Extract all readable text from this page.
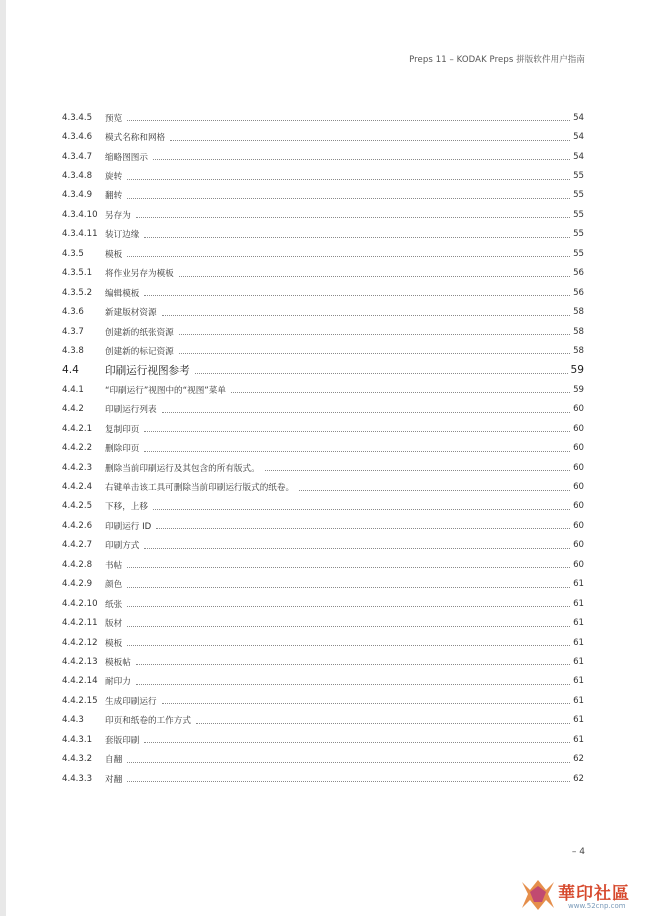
Preps 11 – KODAK Preps 拼版软件用户指南
4.3.4.5	预览	54
4.3.4.6	模式名称和网格	54
4.3.4.7	缩略图图示	54
4.3.4.8	旋转	55
4.3.4.9	翻转	55
4.3.4.10 另存为	55
4.3.4.11 装订边缘	55
4.3.5	模板	55
4.3.5.1	将作业另存为模板	56
4.3.5.2	编辑模板	56
4.3.6	新建版材资源	58
4.3.7	创建新的纸张资源	58
4.3.8	创建新的标记资源	58
4.4	印刷运行视图参考	59
4.4.1	“印刷运行”视图中的“视图”菜单	59
4.4.2	印刷运行列表	60
4.4.2.1	复制印页	60
4.4.2.2	删除印页	60
4.4.2.3	删除当前印刷运行及其包含的所有版式。	60
4.4.2.4	右键单击该工具可删除当前印刷运行版式的纸卷。	60
4.4.2.5	下移，上移	60
4.4.2.6	印刷运行 ID	60
4.4.2.7	印刷方式	60
4.4.2.8	书帖	60
4.4.2.9	颜色	61
4.4.2.10 纸张	61
4.4.2.11 版材	61
4.4.2.12 模板	61
4.4.2.13 模板帖	61
4.4.2.14 耐印力	61
4.4.2.15 生成印刷运行	61
4.4.3	印页和纸卷的工作方式	61
4.4.3.1	套版印刷	61
4.4.3.2	自翻	62
4.4.3.3	对翻	62
– 4
華印社區
www.52cnp.com
